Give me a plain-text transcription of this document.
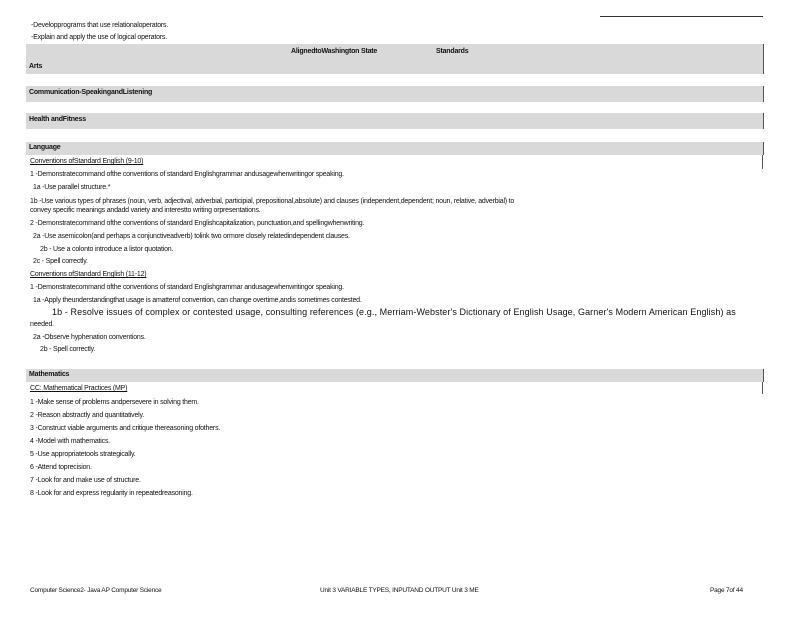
-Developprograms that use relationaloperators.
-Explain and apply the use of logical operators.
AlignedtoWashington State	Standards
Arts
Communication-SpeakingandListening
Health andFitness
Language
Conventions ofStandard English (9-10)
1 -Demonstratecommand ofthe conventions of standard Englishgrammar andusagewhenwritingor speaking.
1a -Use parallel structure.*
1b -Use various types of phrases (noun, verb, adjectival, adverbial, participial, prepositional,absolute) and clauses (independent,dependent; noun, relative, adverbial) to
convey specific meanings andadd variety and interestto writing orpresentations.
2 -Demonstratecommand ofthe conventions of standard Englishcapitalization, punctuation,and spellingwhenwriting.
2a -Use asemicolon(and perhaps a conjunctiveadverb) tolink two ormore closely relatedindependent clauses.
2b - Use a colonto introduce a listor quotation.
2c - Spell correctly.
Conventions ofStandard English (11-12)
1 -Demonstratecommand ofthe conventions of standard Englishgrammar andusagewhenwritingor speaking.
1a -Apply theunderstandingthat usage is amatterof convention, can change overtime,andis sometimes contested.
1b - Resolve issues of complex or contested usage, consulting references (e.g., Merriam-Webster's Dictionary of English Usage, Garner's Modern American English) as
needed.
2a -Observe hyphenation conventions.
2b - Spell correctly.
Mathematics
CC: Mathematical Practices (MP)
1 -Make sense of problems andpersevere in solving them.
2 -Reason abstractly and quantitatively.
3 -Construct viable arguments and critique thereasoning ofothers.
4 -Model with mathematics.
5 -Use appropriatetools strategically.
6 -Attend toprecision.
7 -Look for and make use of structure.
8 -Look for and express regularity in repeatedreasoning.
Computer Science2- Java AP Computer Science	Unit 3 VARIABLE TYPES, INPUTAND OUTPUT Unit 3 ME	Page 7of 44
